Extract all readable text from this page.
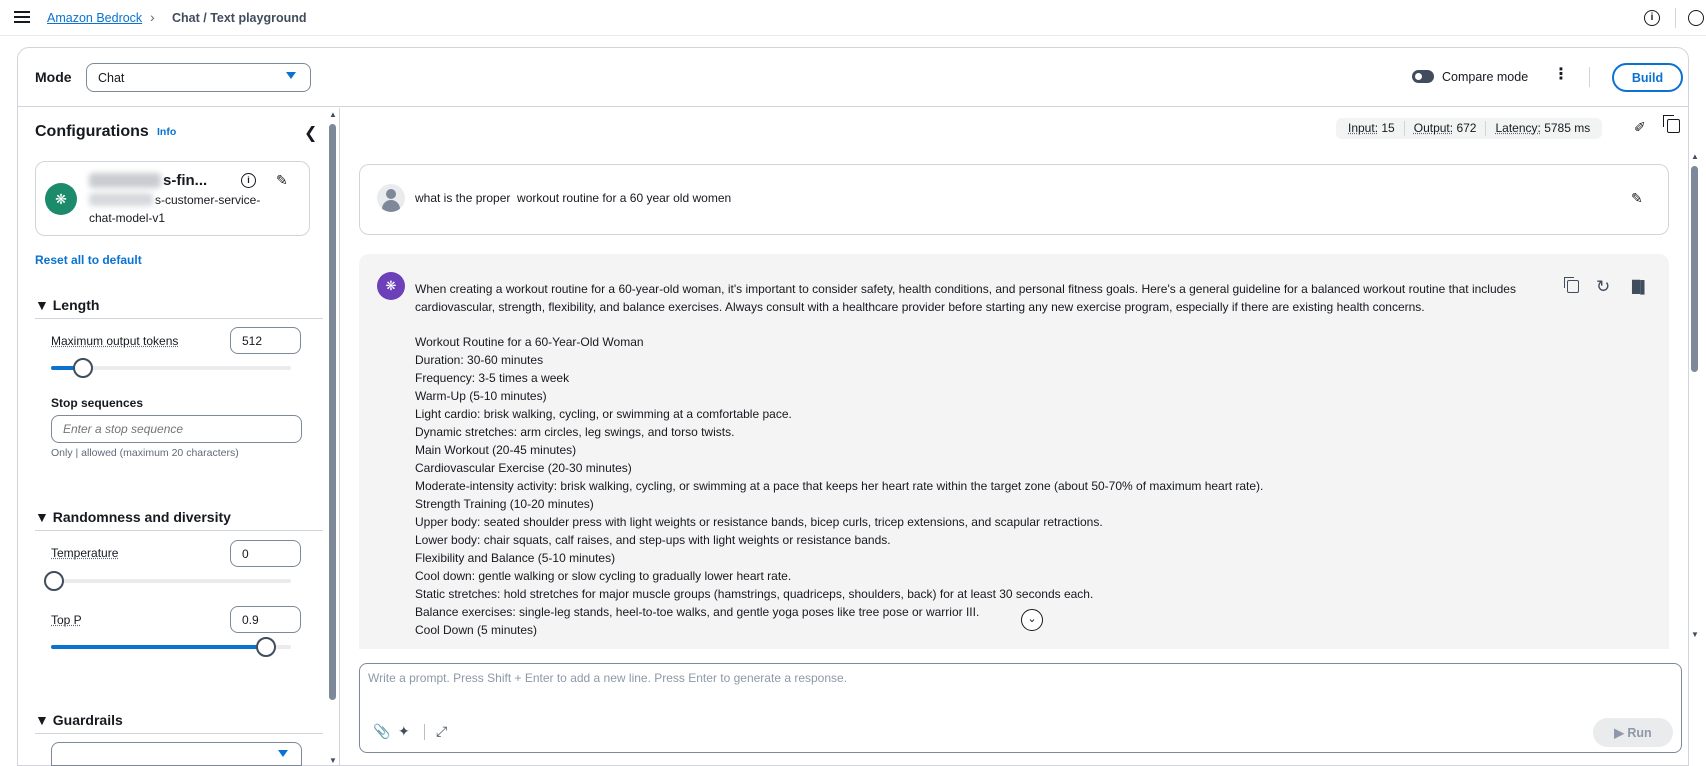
Amazon Bedrock › Chat / Text playground	i
Mode	Chat	Compare mode ⋮	Build
Configurations Info	❮
❋
s-fin...	i	✎
s-customer-service-
chat-model-v1
Reset all to default
▼ Length
Maximum output tokens
512
Stop sequences
Enter a stop sequence
Only | allowed (maximum 20 characters)
▼ Randomness and diversity
Temperature
0
Top P
0.9
▼ Guardrails
▲
▼
Input: 15	Output: 672	Latency: 5785 ms	✐
what is the proper  workout routine for a 60 year old women	✎
❋	When creating a workout routine for a 60-year-old woman, it's important to consider safety, health conditions, and personal fitness goals. Here's a general guideline for a balanced workout routine that includes cardiovascular, strength, flexibility, and balance exercises. Always consult with a healthcare provider before starting any new exercise program, especially if there are existing health concerns.

Workout Routine for a 60-Year-Old Woman
Duration: 30-60 minutes
Frequency: 3-5 times a week
Warm-Up (5-10 minutes)
Light cardio: brisk walking, cycling, or swimming at a comfortable pace.
Dynamic stretches: arm circles, leg swings, and torso twists.
Main Workout (20-45 minutes)
Cardiovascular Exercise (20-30 minutes)
Moderate-intensity activity: brisk walking, cycling, or swimming at a pace that keeps her heart rate within the target zone (about 50-70% of maximum heart rate).
Strength Training (10-20 minutes)
Upper body: seated shoulder press with light weights or resistance bands, bicep curls, tricep extensions, and scapular retractions.
Lower body: chair squats, calf raises, and step-ups with light weights or resistance bands.
Flexibility and Balance (5-10 minutes)
Cool down: gentle walking or slow cycling to gradually lower heart rate.
Static stretches: hold stretches for major muscle groups (hamstrings, quadriceps, shoulders, back) for at least 30 seconds each.
Balance exercises: single-leg stands, heel-to-toe walks, and gentle yoga poses like tree pose or warrior III.
Cool Down (5 minutes)
↻ ▉▌
⌄
▲
▼
Write a prompt. Press Shift + Enter to add a new line. Press Enter to generate a response.
📎 ✦ ⤢	▶ Run
